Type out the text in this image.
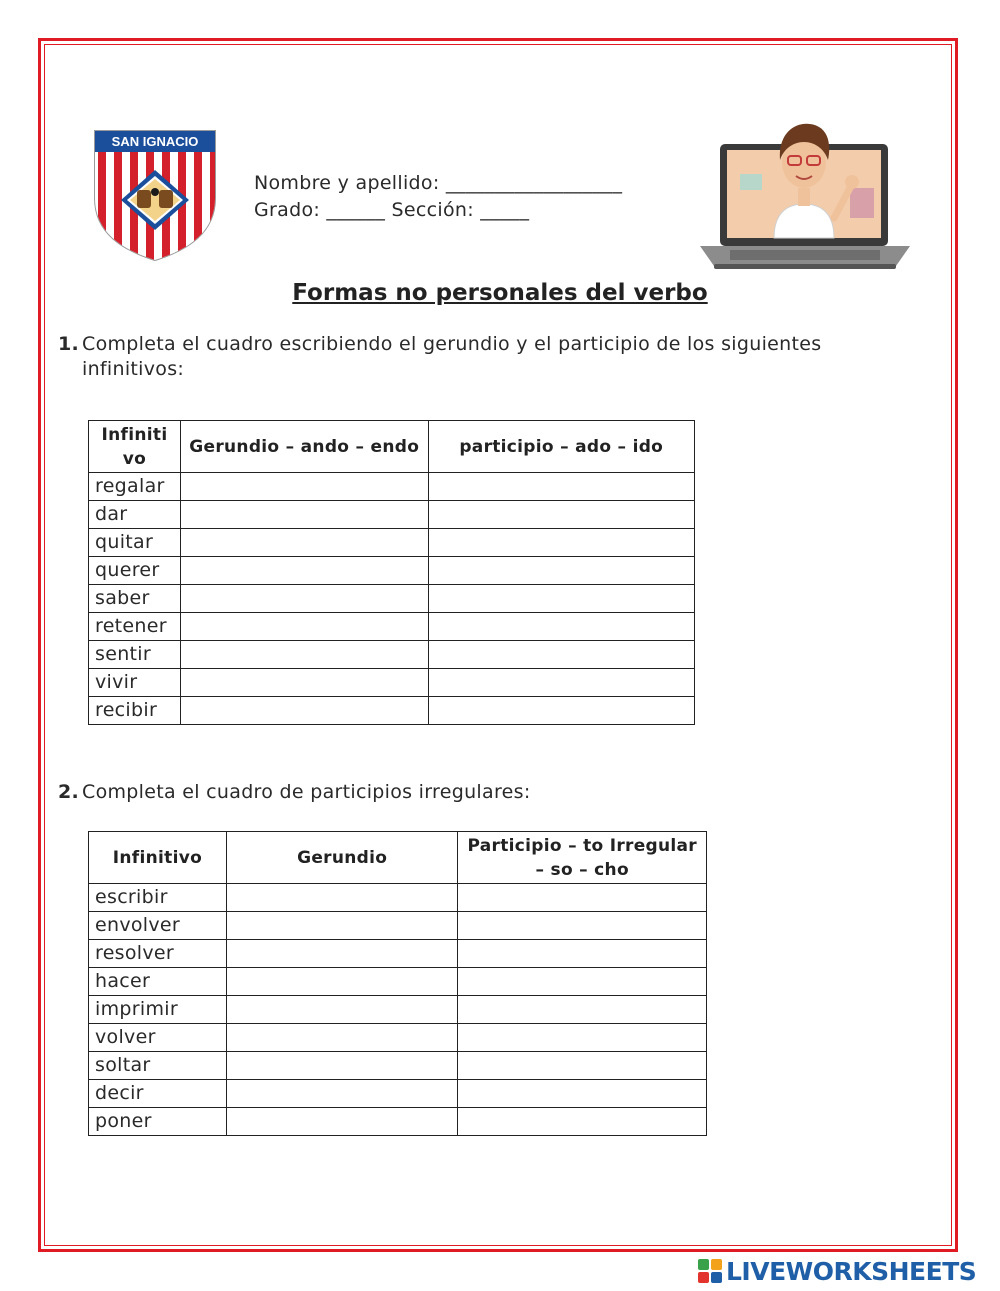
SAN IGNACIO
Nombre y apellido: __________________
Grado: ______ Sección: _____
Formas no personales del verbo
1. Completa el cuadro escribiendo el gerundio y el participio de los siguientes infinitivos:
Infiniti vo	Gerundio – ando – endo	participio – ado – ido
regalar		
dar		
quitar		
querer		
saber		
retener		
sentir		
vivir		
recibir		
2. Completa el cuadro de participios irregulares:
Infinitivo	Gerundio	Participio – to Irregular – so – cho
escribir		
envolver		
resolver		
hacer		
imprimir		
volver		
soltar		
decir		
poner		
LIVEWORKSHEETS
